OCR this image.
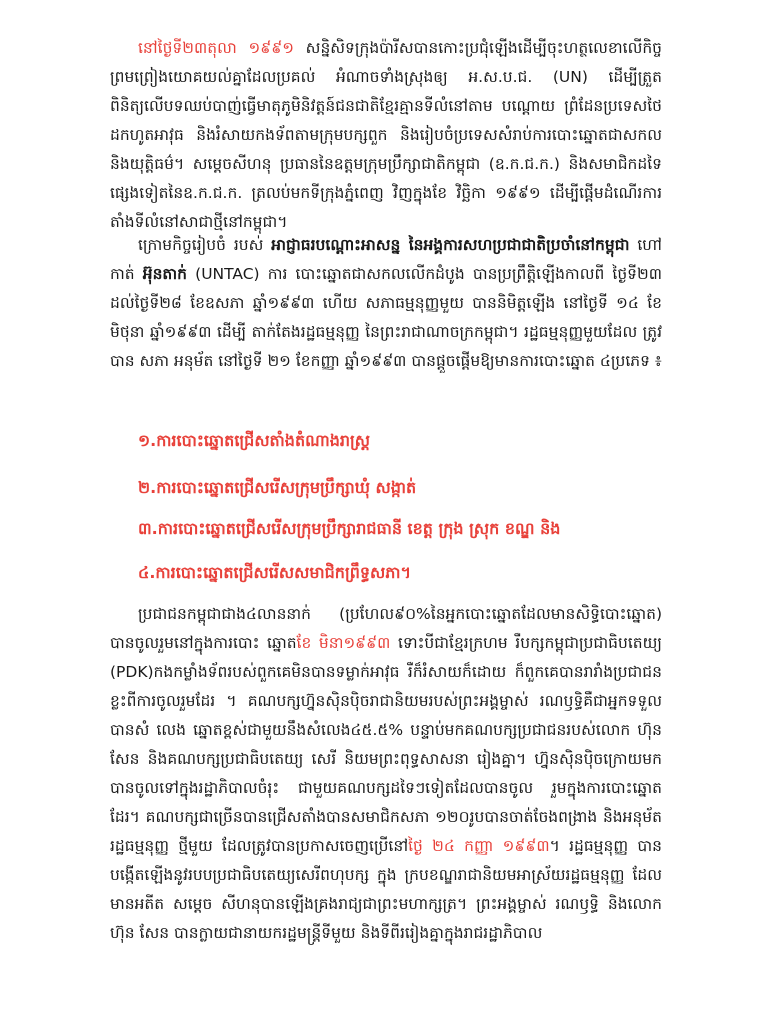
នៅថ្ងៃទី២៣តុលា ១៩៩១ សន្និសិទក្រុងប៉ារីសបានកោះប្រជុំឡើងដើម្បីចុះហត្ថលេខាលើកិច្ចព្រមព្រៀងយោគយល់គ្នាដែលប្រគល់ អំណាចទាំងស្រុងឲ្យ អ.ស.ប.ជ. (UN) ដើម្បីត្រួតពិនិត្យលើបទឈប់បាញ់ធ្វើមាតុភូមិនិវត្តន៍ជនជាតិខ្មែរគ្មានទីលំនៅតាម បណ្ដោយ ព្រំដែនប្រទេសថៃ ដកហូតអាវុធ និងរំសាយកងទ័ពតាមក្រុមបក្សពួក និងរៀបចំប្រទេសសំរាប់ការបោះឆ្នោតជាសកល និងយុត្តិធម៌។ សម្ដេចសីហនុ ប្រធាននៃឧត្តមក្រុមប្រឹក្សាជាតិកម្ពុជា (ឧ.ក.ជ.ក.) និងសមាជិកដទៃផ្សេងទៀតនៃឧ.ក.ជ.ក. ត្រលប់មកទីក្រុងភ្នំពេញ វិញក្នុងខែ វិច្ឆិកា ១៩៩១ ដើម្បីផ្ដើមដំណើរការតាំងទីលំនៅសាជាថ្មីនៅកម្ពុជា។

ក្រោមកិច្ចរៀបចំ របស់ អាជ្ញាធរបណ្ដោះអាសន្ន នៃអង្គការសហប្រជាជាតិប្រចាំនៅកម្ពុជា ហៅកាត់ អ៊ុនតាក់ (UNTAC) ការ បោះឆ្នោតជាសកលលើកដំបូង បានប្រព្រឹត្តិឡើងកាលពី ថ្ងៃទី២៣ ដល់ថ្ងៃទី២៨ ខែឧសភា ឆ្នាំ១៩៩៣ ហើយ សភាធម្មនុញ្ញមួយ បាននិមិត្តឡើង នៅថ្ងៃទី ១៤ ខែមិថុនា ឆ្នាំ១៩៩៣ ដើម្បី តាក់តែងរដ្ឋធម្មនុញ្ញ នៃព្រះរាជាណាចក្រកម្ពុជា។ រដ្ឋធម្មនុញ្ញមួយដែល ត្រូវបាន សភា អនុម័ត នៅថ្ងៃទី ២១ ខែកញ្ញា ឆ្នាំ១៩៩៣ បានផ្ដួចផ្ដើមឱ្យមានការបោះឆ្នោត ៤ប្រភេទ ៖

១.ការបោះឆ្នោតជ្រើសតាំងតំណាងរាស្ត្រ
២.ការបោះឆ្នោតជ្រើសរើសក្រុមប្រឹក្សាឃុំ សង្កាត់
៣.ការបោះឆ្នោតជ្រើសរើសក្រុមប្រឹក្សារាជធានី ខេត្ត ក្រុង ស្រុក ខណ្ឌ និង
៤.ការបោះឆ្នោតជ្រើសរើសសមាជិកព្រឹទ្ធសភា។

ប្រជាជនកម្ពុជាជាង៤លាននាក់ (ប្រហែល៩០%នៃអ្នកបោះឆ្នោតដែលមានសិទ្ធិបោះឆ្នោត) បានចូលរួមនៅក្នុងការបោះ ឆ្នោតខែ មិនា១៩៩៣ ទោះបីជាខ្មែរក្រហម រឺបក្សកម្ពុជាប្រជាធិបតេយ្យ (PDK)កងកម្លាំងទ័ពរបស់ពួកគេមិនបានទម្លាក់អាវុធ រឺក៏រំសាយក៏ដោយ ក៏ពួកគេបានរារាំងប្រជាជនខ្លះពីការចូលរួមដែរ ។ គណបក្សហ្វ៊ុនស៊ិនប៉ិចរាជានិយមរបស់ព្រះអង្គម្ចាស់ រណឫទ្ធិគឺជាអ្នកទទួលបានសំ លេង ឆ្នោតខ្ពស់ជាមួយនឹងសំលេង៤៥.៥% បន្ទាប់មកគណបក្សប្រជាជនរបស់លោក ហ៊ុន សែន និងគណបក្សប្រជាធិបតេយ្យ សេរី និយមព្រះពុទ្ធសាសនា រៀងគ្នា។ ហ្វ៊ុនស៊ិនប៉ិចក្រោយមកបានចូលទៅក្នុងរដ្ឋាភិបាលចំរុះ ជាមួយគណបក្សដទៃៗទៀតដែលបានចូល រួមក្នុងការបោះឆ្នោតដែរ។ គណបក្សជាច្រើនបានជ្រើសតាំងបានសមាជិកសភា ១២០រូបបានចាត់ចែងពង្រាង និងអនុម័តរដ្ឋធម្មនុញ្ញ ថ្មីមួយ ដែលត្រូវបានប្រកាសចេញប្រើនៅថ្ងៃ ២៤ កញ្ញា ១៩៩៣។ រដ្ឋធម្មនុញ្ញ បានបង្កើតឡើងនូវរបបប្រជាធិបតេយ្យសេរីពហុបក្ស ក្នុង ក្របខណ្ឌរាជានិយមអាស្រ័យរដ្ឋធម្មនុញ្ញ ដែលមានអតីត សម្ដេច សីហនុបានឡើងគ្រងរាជ្យជាព្រះមហាក្សត្រ។ ព្រះអង្គម្ចាស់ រណឫទ្ធិ និងលោក ហ៊ុន សែន បានក្លាយជានាយករដ្ឋមន្ត្រីទីមួយ និងទីពីររៀងគ្នាក្នុងរាជរដ្ឋាភិបាល
